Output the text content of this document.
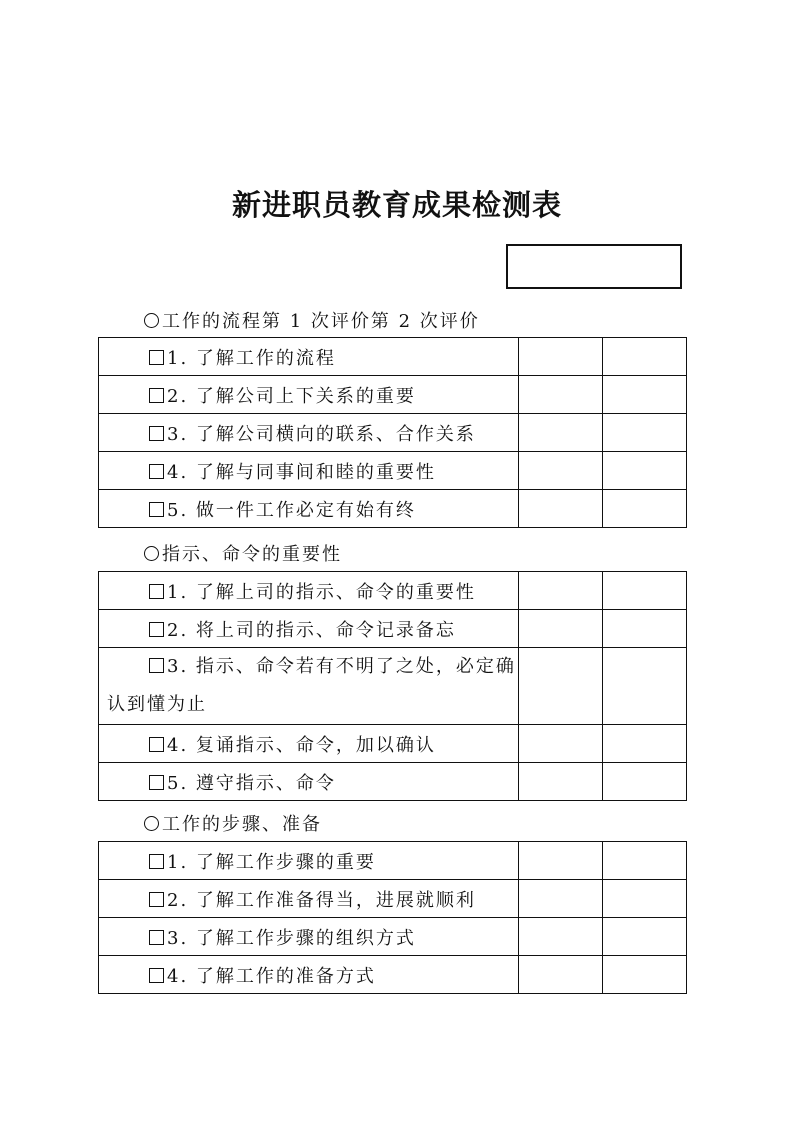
新进职员教育成果检测表
工作的流程第 1 次评价第 2 次评价
1. 了解工作的流程		
2. 了解公司上下关系的重要		
3. 了解公司横向的联系、合作关系		
4. 了解与同事间和睦的重要性		
5. 做一件工作必定有始有终		
指示、命令的重要性
1. 了解上司的指示、命令的重要性		
2. 将上司的指示、命令记录备忘		
3. 指示、命令若有不明了之处，必定确认到懂为止		
4. 复诵指示、命令，加以确认		
5. 遵守指示、命令		
工作的步骤、准备
1. 了解工作步骤的重要		
2. 了解工作准备得当，进展就顺利		
3. 了解工作步骤的组织方式		
4. 了解工作的准备方式		
